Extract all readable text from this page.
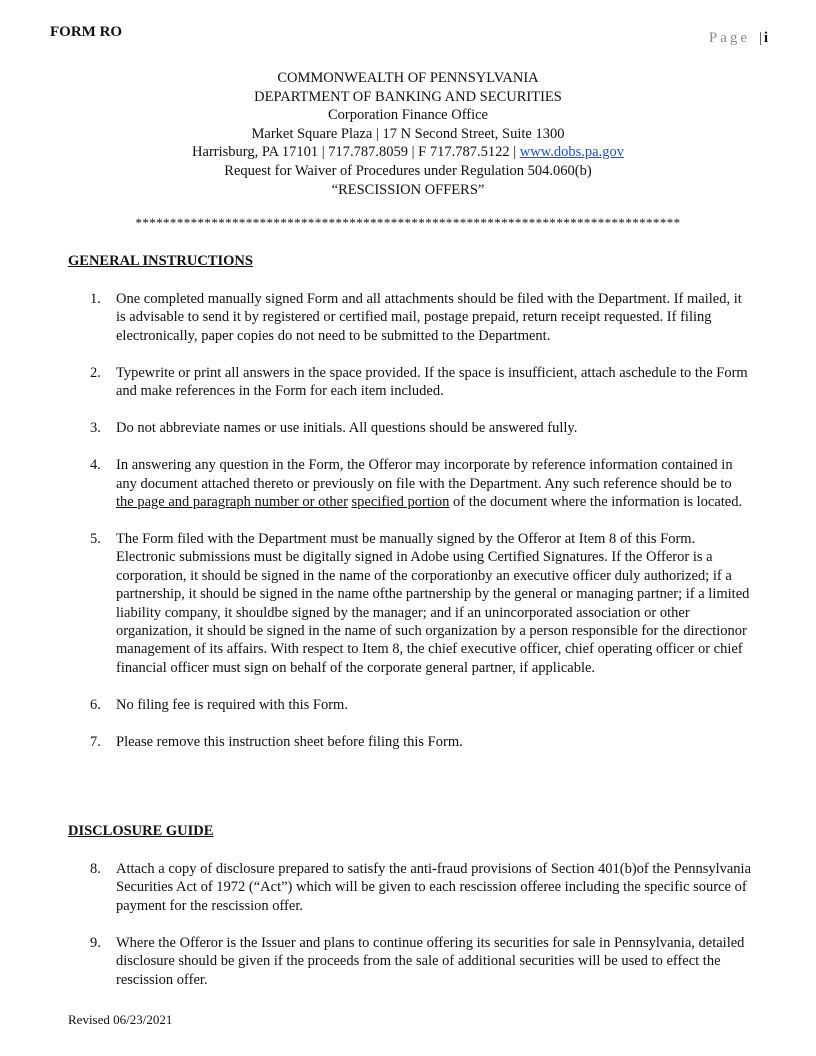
FORM RO	Page | i
COMMONWEALTH OF PENNSYLVANIA
DEPARTMENT OF BANKING AND SECURITIES
Corporation Finance Office
Market Square Plaza | 17 N Second Street, Suite 1300
Harrisburg, PA 17101 | 717.787.8059 | F 717.787.5122 | www.dobs.pa.gov
Request for Waiver of Procedures under Regulation 504.060(b)
“RESCISSION OFFERS”
*******************************************************************************
GENERAL INSTRUCTIONS
1. One completed manually signed Form and all attachments should be filed with the Department. If mailed, it is advisable to send it by registered or certified mail, postage prepaid, return receipt requested. If filing electronically, paper copies do not need to be submitted to the Department.
2. Typewrite or print all answers in the space provided. If the space is insufficient, attach aschedule to the Form and make references in the Form for each item included.
3. Do not abbreviate names or use initials. All questions should be answered fully.
4. In answering any question in the Form, the Offeror may incorporate by reference information contained in any document attached thereto or previously on file with the Department. Any such reference should be to the page and paragraph number or other specified portion of the document where the information is located.
5. The Form filed with the Department must be manually signed by the Offeror at Item 8 of this Form. Electronic submissions must be digitally signed in Adobe using Certified Signatures. If the Offeror is a corporation, it should be signed in the name of the corporationby an executive officer duly authorized; if a partnership, it should be signed in the name ofthe partnership by the general or managing partner; if a limited liability company, it shouldbe signed by the manager; and if an unincorporated association or other organization, it should be signed in the name of such organization by a person responsible for the directionor management of its affairs. With respect to Item 8, the chief executive officer, chief operating officer or chief financial officer must sign on behalf of the corporate general partner, if applicable.
6. No filing fee is required with this Form.
7. Please remove this instruction sheet before filing this Form.
DISCLOSURE GUIDE
8. Attach a copy of disclosure prepared to satisfy the anti-fraud provisions of Section 401(b)of the Pennsylvania Securities Act of 1972 (“Act”) which will be given to each rescission offeree including the specific source of payment for the rescission offer.
9. Where the Offeror is the Issuer and plans to continue offering its securities for sale in Pennsylvania, detailed disclosure should be given if the proceeds from the sale of additional securities will be used to effect the rescission offer.
Revised 06/23/2021
